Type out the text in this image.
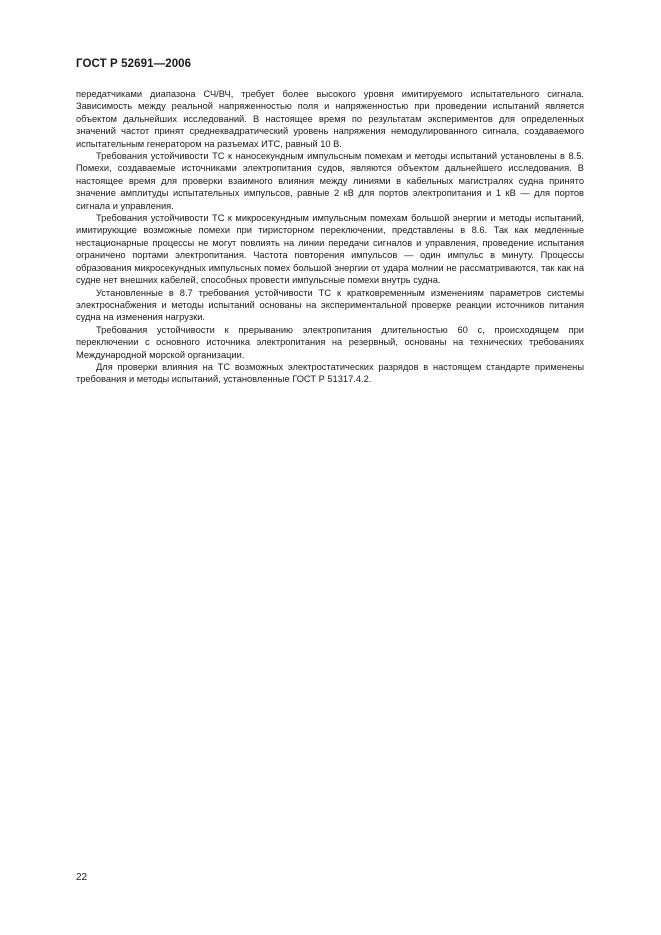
ГОСТ Р 52691—2006

передатчиками диапазона СЧ/ВЧ, требует более высокого уровня имитируемого испытательного сигнала. Зависимость между реальной напряженностью поля и напряженностью при проведении испытаний является объектом дальнейших исследований. В настоящее время по результатам экспериментов для определенных значений частот принят среднеквадратический уровень напряжения немодулированного сигнала, создаваемого испытательным генератором на разъемах ИТС, равный 10 В.

Требования устойчивости ТС к наносекундным импульсным помехам и методы испытаний установлены в 8.5. Помехи, создаваемые источниками электропитания судов, являются объектом дальнейшего исследования. В настоящее время для проверки взаимного влияния между линиями в кабельных магистралях судна принято значение амплитуды испытательных импульсов, равные 2 кВ для портов электропитания и 1 кВ — для портов сигнала и управления.

Требования устойчивости ТС к микросекундным импульсным помехам большой энергии и методы испытаний, имитирующие возможные помехи при тиристорном переключении, представлены в 8.6. Так как медленные нестационарные процессы не могут повлиять на линии передачи сигналов и управления, проведение испытания ограничено портами электропитания. Частота повторения импульсов — один импульс в минуту. Процессы образования микросекундных импульсных помех большой энергии от удара молнии не рассматриваются, так как на судне нет внешних кабелей, способных провести импульсные помехи внутрь судна.

Установленные в 8.7 требования устойчивости ТС к кратковременным изменениям параметров системы электроснабжения и методы испытаний основаны на экспериментальной проверке реакции источников питания судна на изменения нагрузки.

Требования устойчивости к прерыванию электропитания длительностью 60 с, происходящем при переключении с основного источника электропитания на резервный, основаны на технических требованиях Международной морской организации.

Для проверки влияния на ТС возможных электростатических разрядов в настоящем стандарте применены требования и методы испытаний, установленные ГОСТ Р 51317.4.2.

22
